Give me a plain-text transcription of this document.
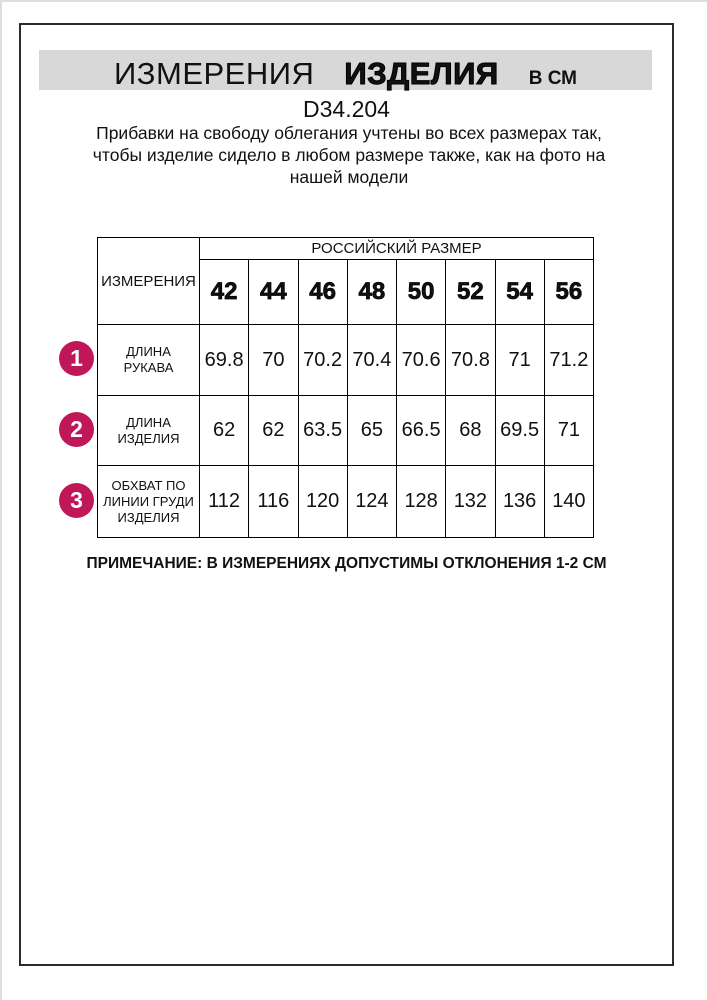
ИЗМЕРЕНИЯ ИЗДЕЛИЯ В СМ
D34.204
Прибавки на свободу облегания учтены во всех размерах так, чтобы изделие сидело в любом размере также, как на фото на нашей модели
ИЗМЕРЕНИЯ	РОССИЙСКИЙ РАЗМЕР							
	42	44	46	48	50	52	54	56
ДЛИНА РУКАВА	69.8	70	70.2	70.4	70.6	70.8	71	71.2
ДЛИНА ИЗДЕЛИЯ	62	62	63.5	65	66.5	68	69.5	71
ОБХВАТ ПО ЛИНИИ ГРУДИ ИЗДЕЛИЯ	112	116	120	124	128	132	136	140
1
2
3
ПРИМЕЧАНИЕ: В ИЗМЕРЕНИЯХ ДОПУСТИМЫ ОТКЛОНЕНИЯ 1-2 СМ
